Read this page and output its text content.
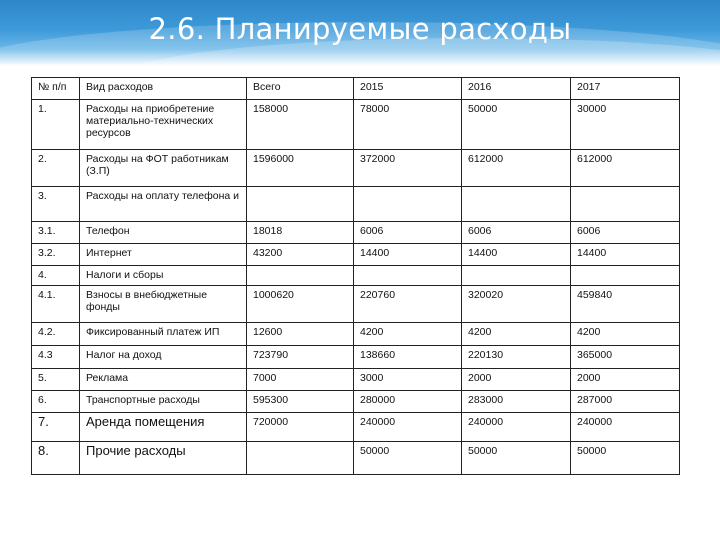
2.6. Планируемые расходы
№ п/п	Вид расходов	Всего	2015	2016	2017
1.	Расходы на приобретение материально-технических ресурсов	158000	78000	50000	30000
2.	Расходы на ФОТ работникам (З.П)	1596000	372000	612000	612000
3.	Расходы на оплату телефона и				
3.1.	Телефон	18018	6006	6006	6006
3.2.	Интернет	43200	14400	14400	14400
4.	Налоги и сборы				
4.1.	Взносы в внебюджетные фонды	1000620	220760	320020	459840
4.2.	Фиксированный платеж ИП	12600	4200	4200	4200
4.3	Налог на доход	723790	138660	220130	365000
5.	Реклама	7000	3000	2000	2000
6.	Транспортные расходы	595300	280000	283000	287000
7.	Аренда помещения	720000	240000	240000	240000
8.	Прочие расходы		50000	50000	50000
